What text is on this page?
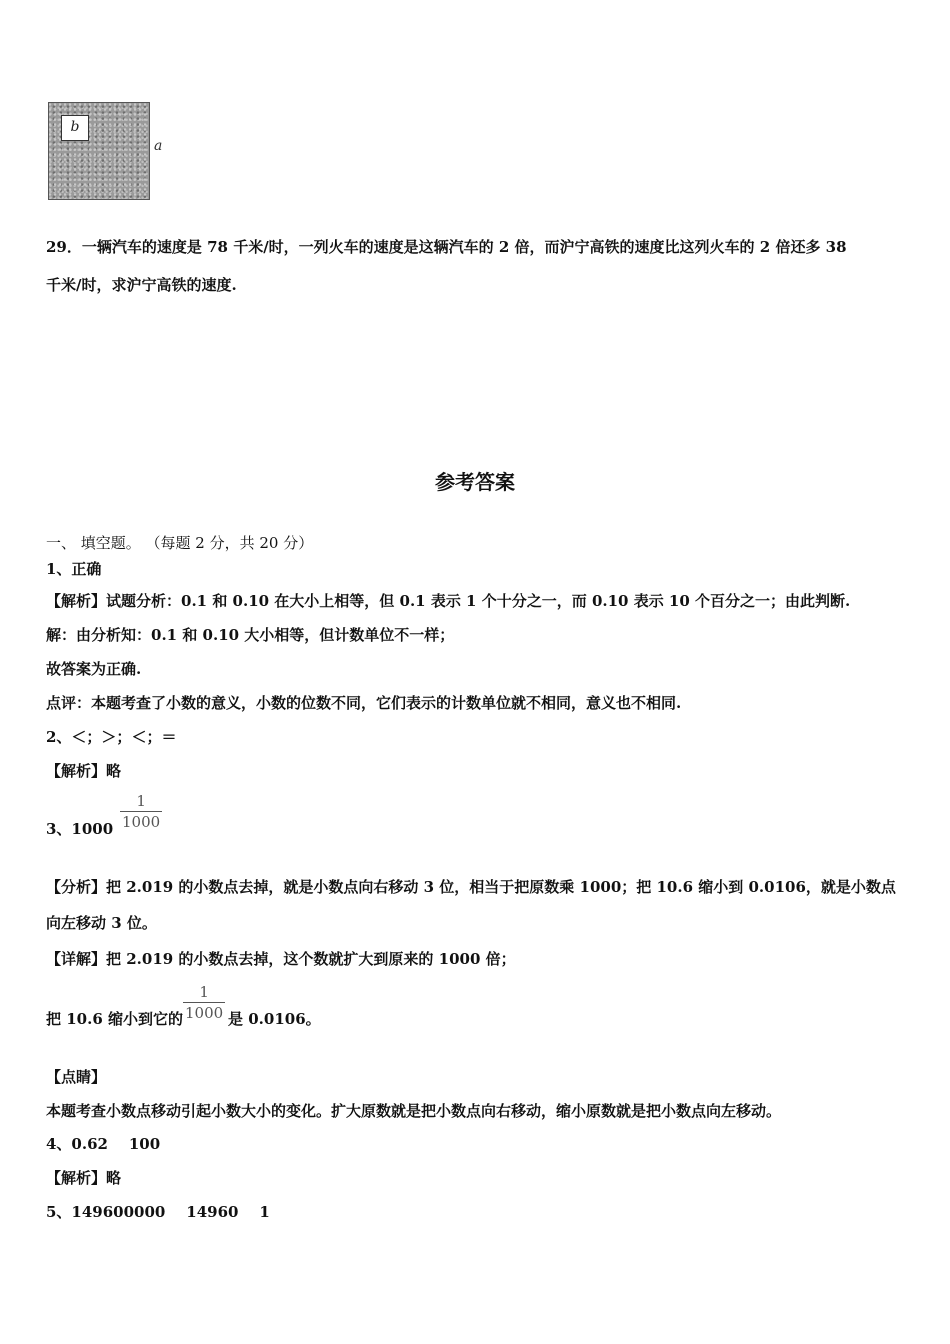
b
a
29．一辆汽车的速度是 78 千米/时，一列火车的速度是这辆汽车的 2 倍，而沪宁高铁的速度比这列火车的 2 倍还多 38
千米/时，求沪宁高铁的速度.
参考答案
一、 填空题。 （每题 2 分，共 20 分）
1、正确
【解析】试题分析：0.1 和 0.10 在大小上相等，但 0.1 表示 1 个十分之一，而 0.10 表示 10 个百分之一；由此判断.
解：由分析知：0.1 和 0.10 大小相等，但计数单位不一样；
故答案为正确.
点评：本题考查了小数的意义，小数的位数不同，它们表示的计数单位就不相同，意义也不相同.
2、＜；＞；＜；＝
【解析】略
3、$1000 \frac{1}{1000}$
【分析】把 2.019 的小数点去掉，就是小数点向右移动 3 位，相当于把原数乘 1000；把 10.6 缩小到 0.0106，就是小数点
向左移动 3 位。
【详解】把 2.019 的小数点去掉，这个数就扩大到原来的 1000 倍；
把 10.6 缩小到它的 $\frac{1}{1000}$ 是 0.0106。
【点睛】
本题考查小数点移动引起小数大小的变化。扩大原数就是把小数点向右移动，缩小原数就是把小数点向左移动。
4、0.62    100
【解析】略
5、149600000    14960    1
